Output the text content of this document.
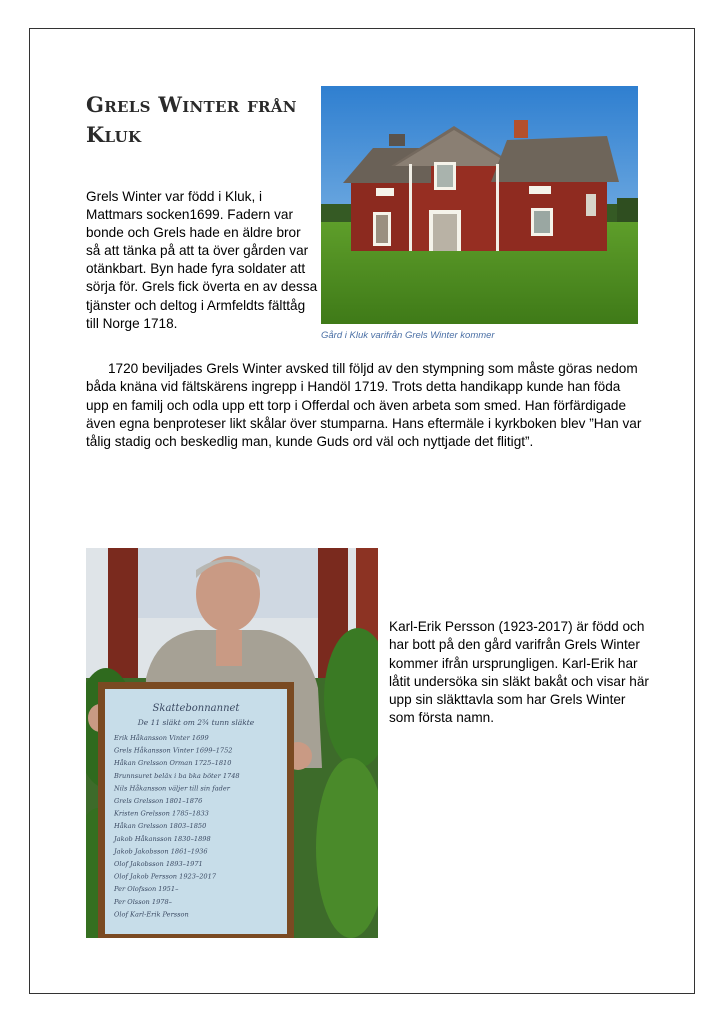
Grels Winter från Kluk

Grels Winter var född i Kluk, i Mattmars socken1699. Fadern var bonde och Grels hade en äldre bror så att tänka på att ta över gården var otänkbart. Byn hade fyra soldater att sörja för. Grels fick överta en av dessa tjänster och deltog i Armfeldts fälttåg till Norge 1718.

Gård i Kluk varifrån Grels Winter kommer

1720 beviljades Grels Winter avsked till följd av den stympning som måste göras nedom båda knäna vid fältskärens ingrepp i Handöl 1719. Trots detta handikapp kunde han föda upp en familj och odla upp ett torp i Offerdal och även arbeta som smed. Han förfärdigade även egna benproteser likt skålar över stumparna. Hans eftermäle i kyrkboken blev ”Han var tålig stadig och beskedlig man, kunde Guds ord väl och nyttjade det flitigt”.

Skattebonnannet
De 11 släkt om 2¾ tunn släkte
Erik Håkansson Vinter 1699
Grels Håkansson Vinter 1699–1752
Håkan Grelsson Orman 1725–1810
Brunnsuret beläx i ba bka böter 1748
Nils Håkansson väljer till sin fader
Grels Grelsson 1801–1876
Kristen Grelsson 1785–1833
Håkan Grelsson 1803–1850
Jakob Håkansson 1830–1898
Jakob Jakobsson 1861–1936
Olof Jakobsson 1893–1971
Olof Jakob Persson 1923–2017
Per Olofsson 1951–
Per Olsson 1978–
Olof Karl-Erik Persson

Karl-Erik Persson (1923-2017) är född och har bott på den gård varifrån Grels Winter kommer ifrån ursprungligen. Karl-Erik har låtit undersöka sin släkt bakåt och visar här upp sin släkttavla som har Grels Winter som första namn.
